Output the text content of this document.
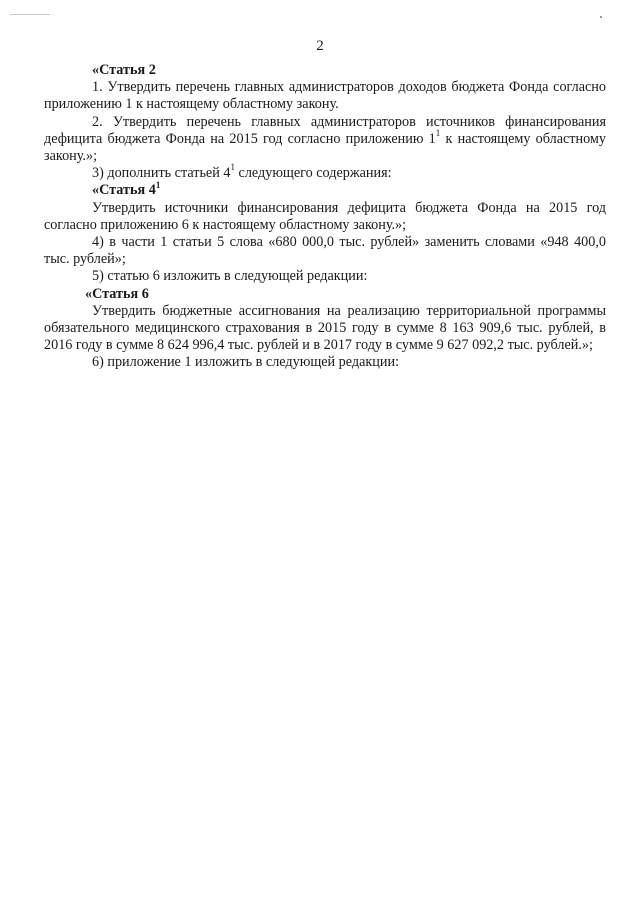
2

«Статья 2

1. Утвердить перечень главных администраторов доходов бюджета Фонда согласно приложению 1 к настоящему областному закону.

2. Утвердить перечень главных администраторов источников финансирования дефицита бюджета Фонда на 2015 год согласно приложению $1^1$ к настоящему областному закону.»;

3) дополнить статьей $4^1$ следующего содержания:

«Статья $4^1$

Утвердить источники финансирования дефицита бюджета Фонда на 2015 год согласно приложению 6 к настоящему областному закону.»;

4) в части 1 статьи 5 слова «680 000,0 тыс. рублей» заменить словами «948 400,0 тыс. рублей»;

5) статью 6 изложить в следующей редакции:

«Статья 6

Утвердить бюджетные ассигнования на реализацию территориальной программы обязательного медицинского страхования в 2015 году в сумме 8 163 909,6 тыс. рублей, в 2016 году в сумме 8 624 996,4 тыс. рублей и в 2017 году в сумме 9 627 092,2 тыс. рублей.»;

6) приложение 1 изложить в следующей редакции:
